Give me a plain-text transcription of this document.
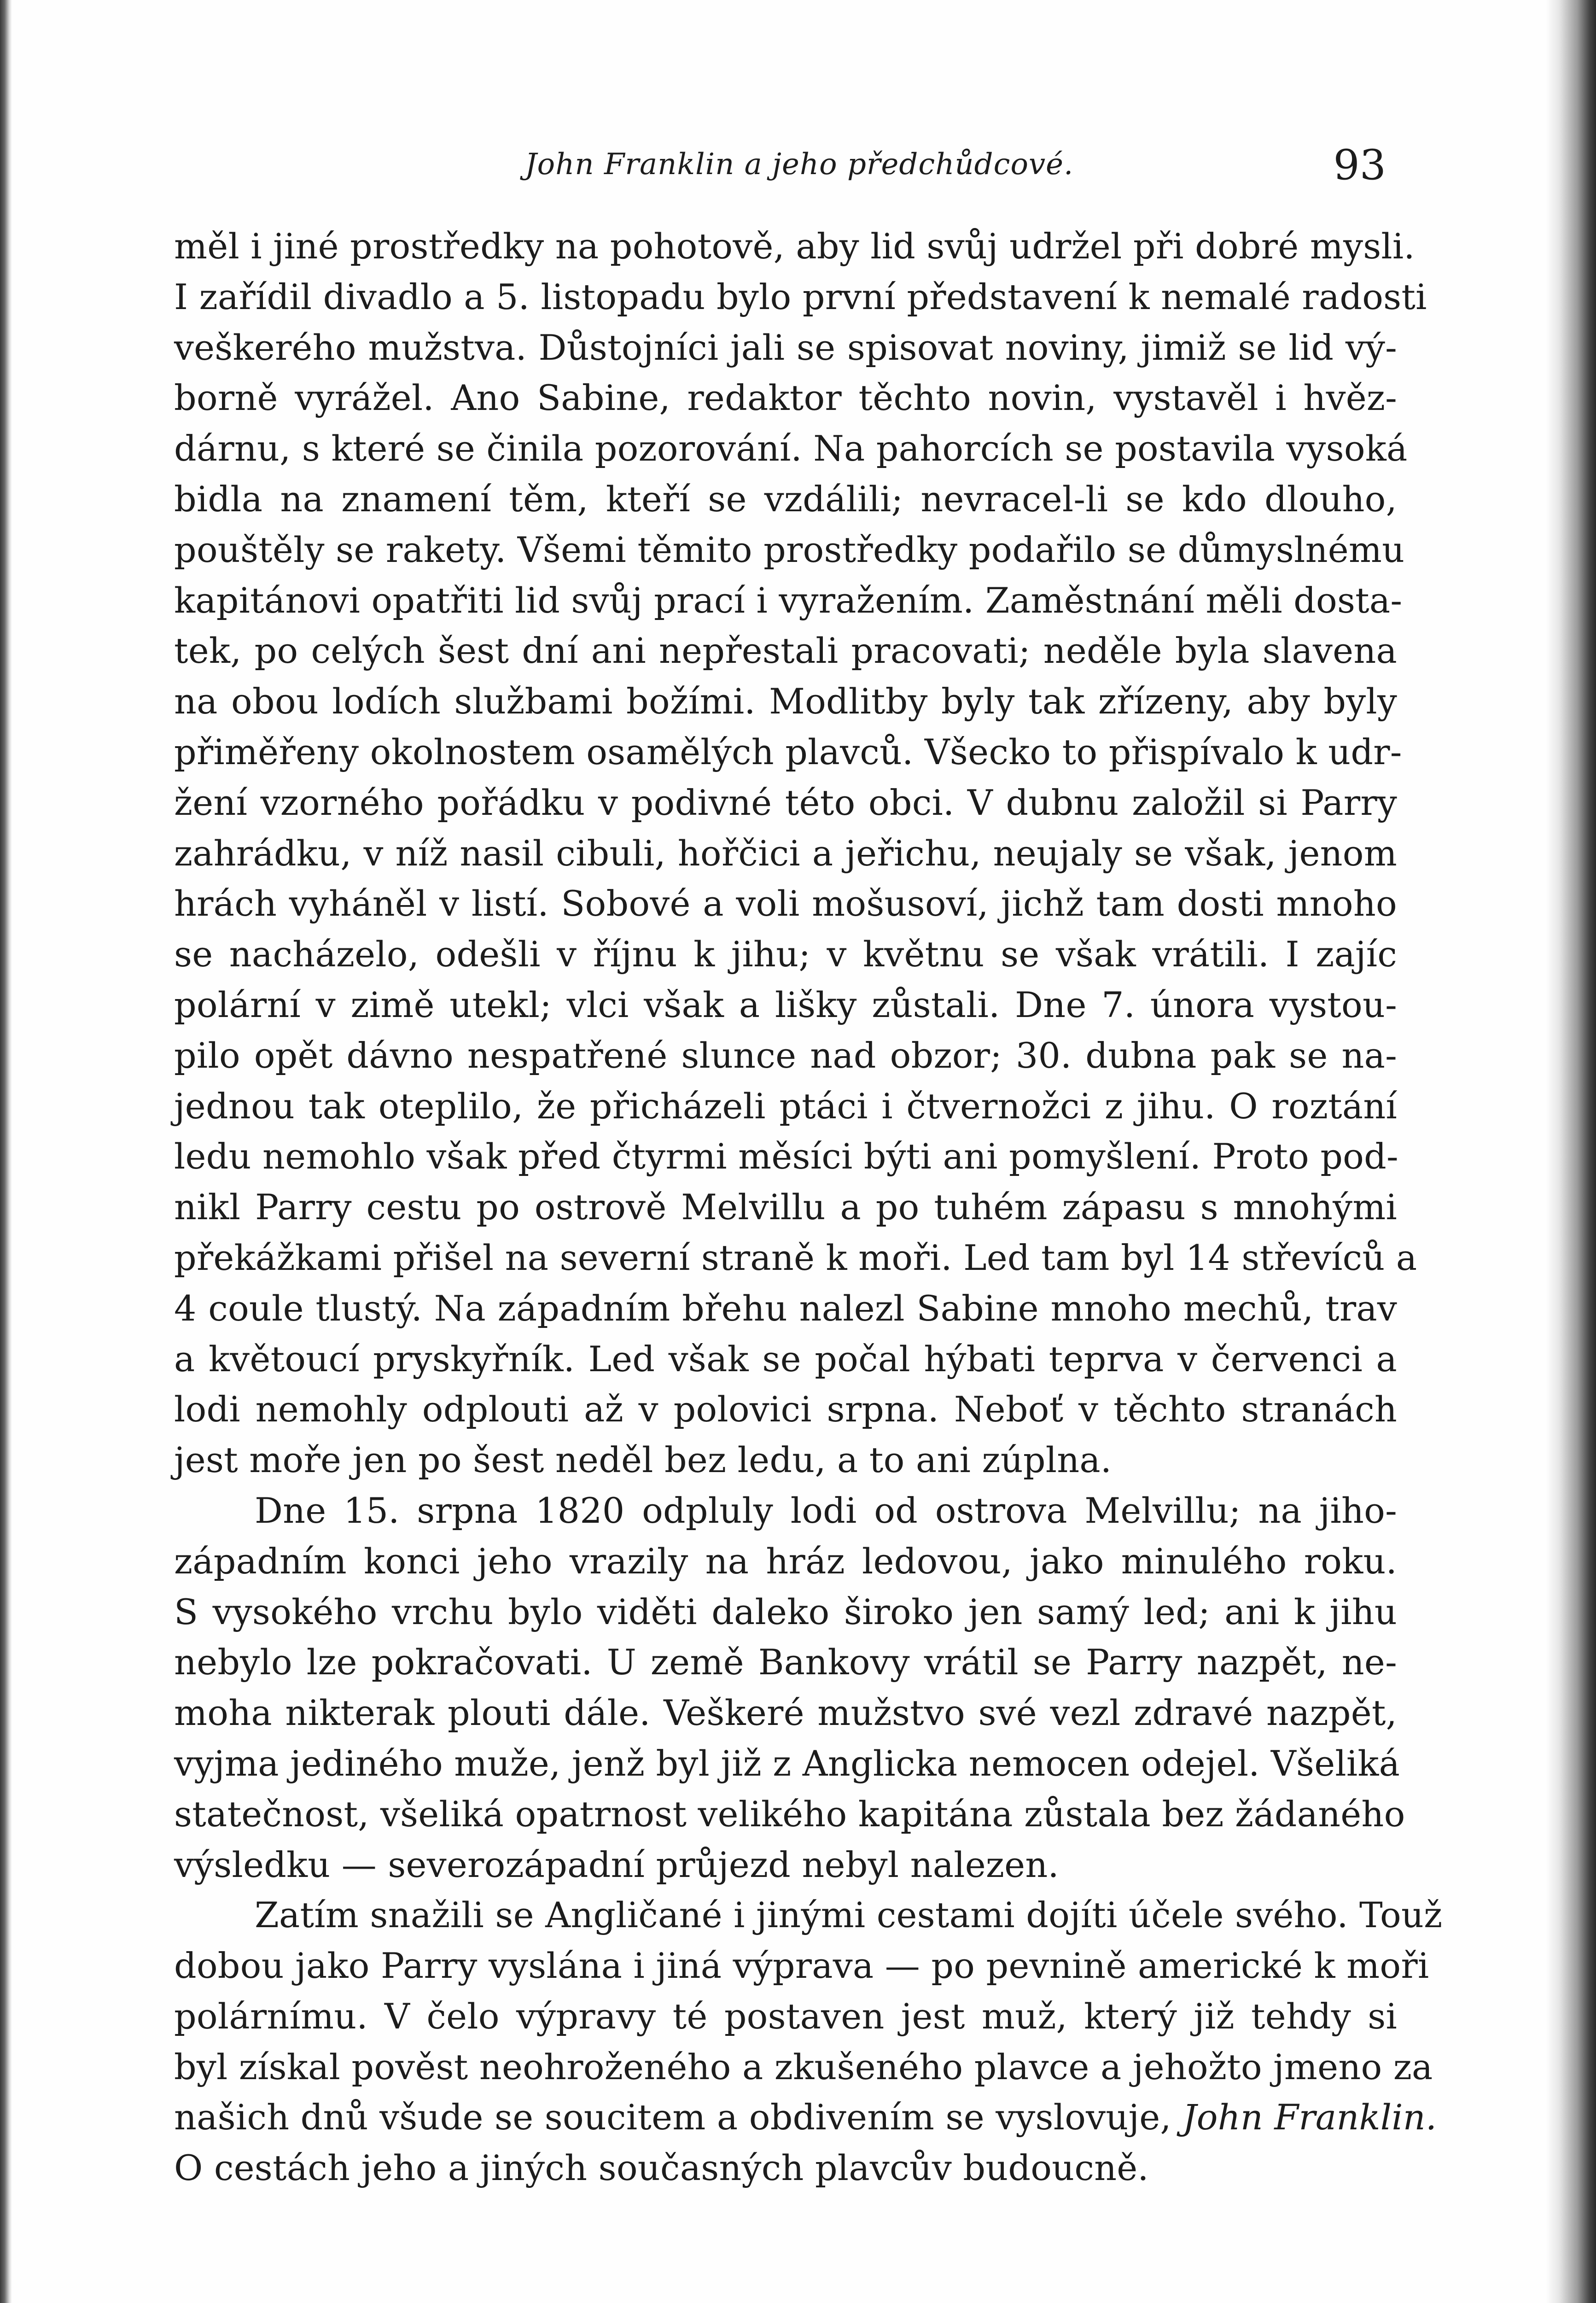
John Franklin a jeho předchůdcové.	93
měl i jiné prostředky na pohotově, aby lid svůj udržel při dobré mysli.
I zařídil divadlo a 5. listopadu bylo první představení k nemalé radosti
veškerého mužstva. Důstojníci jali se spisovat noviny, jimiž se lid vý-
borně vyrážel. Ano Sabine, redaktor těchto novin, vystavěl i hvěz-
dárnu, s které se činila pozorování. Na pahorcích se postavila vysoká
bidla na znamení těm, kteří se vzdálili; nevracel-li se kdo dlouho,
pouštěly se rakety. Všemi těmito prostředky podařilo se důmyslnému
kapitánovi opatřiti lid svůj prací i vyražením. Zaměstnání měli dosta-
tek, po celých šest dní ani nepřestali pracovati; neděle byla slavena
na obou lodích službami božími. Modlitby byly tak zřízeny, aby byly
přiměřeny okolnostem osamělých plavců. Všecko to přispívalo k udr-
žení vzorného pořádku v podivné této obci. V dubnu založil si Parry
zahrádku, v níž nasil cibuli, hořčici a jeřichu, neujaly se však, jenom
hrách vyháněl v listí. Sobové a voli mošusoví, jichž tam dosti mnoho
se nacházelo, odešli v říjnu k jihu; v květnu se však vrátili. I zajíc
polární v zimě utekl; vlci však a lišky zůstali. Dne 7. února vystou-
pilo opět dávno nespatřené slunce nad obzor; 30. dubna pak se na-
jednou tak oteplilo, že přicházeli ptáci i čtvernožci z jihu. O roztání
ledu nemohlo však před čtyrmi měsíci býti ani pomyšlení. Proto pod-
nikl Parry cestu po ostrově Melvillu a po tuhém zápasu s mnohými
překážkami přišel na severní straně k moři. Led tam byl 14 střevíců a
4 coule tlustý. Na západním břehu nalezl Sabine mnoho mechů, trav
a květoucí pryskyřník. Led však se počal hýbati teprva v červenci a
lodi nemohly odplouti až v polovici srpna. Neboť v těchto stranách
jest moře jen po šest neděl bez ledu, a to ani zúplna.
Dne 15. srpna 1820 odpluly lodi od ostrova Melvillu; na jiho-
západním konci jeho vrazily na hráz ledovou, jako minulého roku.
S vysokého vrchu bylo viděti daleko široko jen samý led; ani k jihu
nebylo lze pokračovati. U země Bankovy vrátil se Parry nazpět, ne-
moha nikterak plouti dále. Veškeré mužstvo své vezl zdravé nazpět,
vyjma jediného muže, jenž byl již z Anglicka nemocen odejel. Všeliká
statečnost, všeliká opatrnost velikého kapitána zůstala bez žádaného
výsledku — severozápadní průjezd nebyl nalezen.
Zatím snažili se Angličané i jinými cestami dojíti účele svého. Touž
dobou jako Parry vyslána i jiná výprava — po pevnině americké k moři
polárnímu. V čelo výpravy té postaven jest muž, který již tehdy si
byl získal pověst neohroženého a zkušeného plavce a jehožto jmeno za
našich dnů všude se soucitem a obdivením se vyslovuje, John Franklin.
O cestách jeho a jiných současných plavcův budoucně.
